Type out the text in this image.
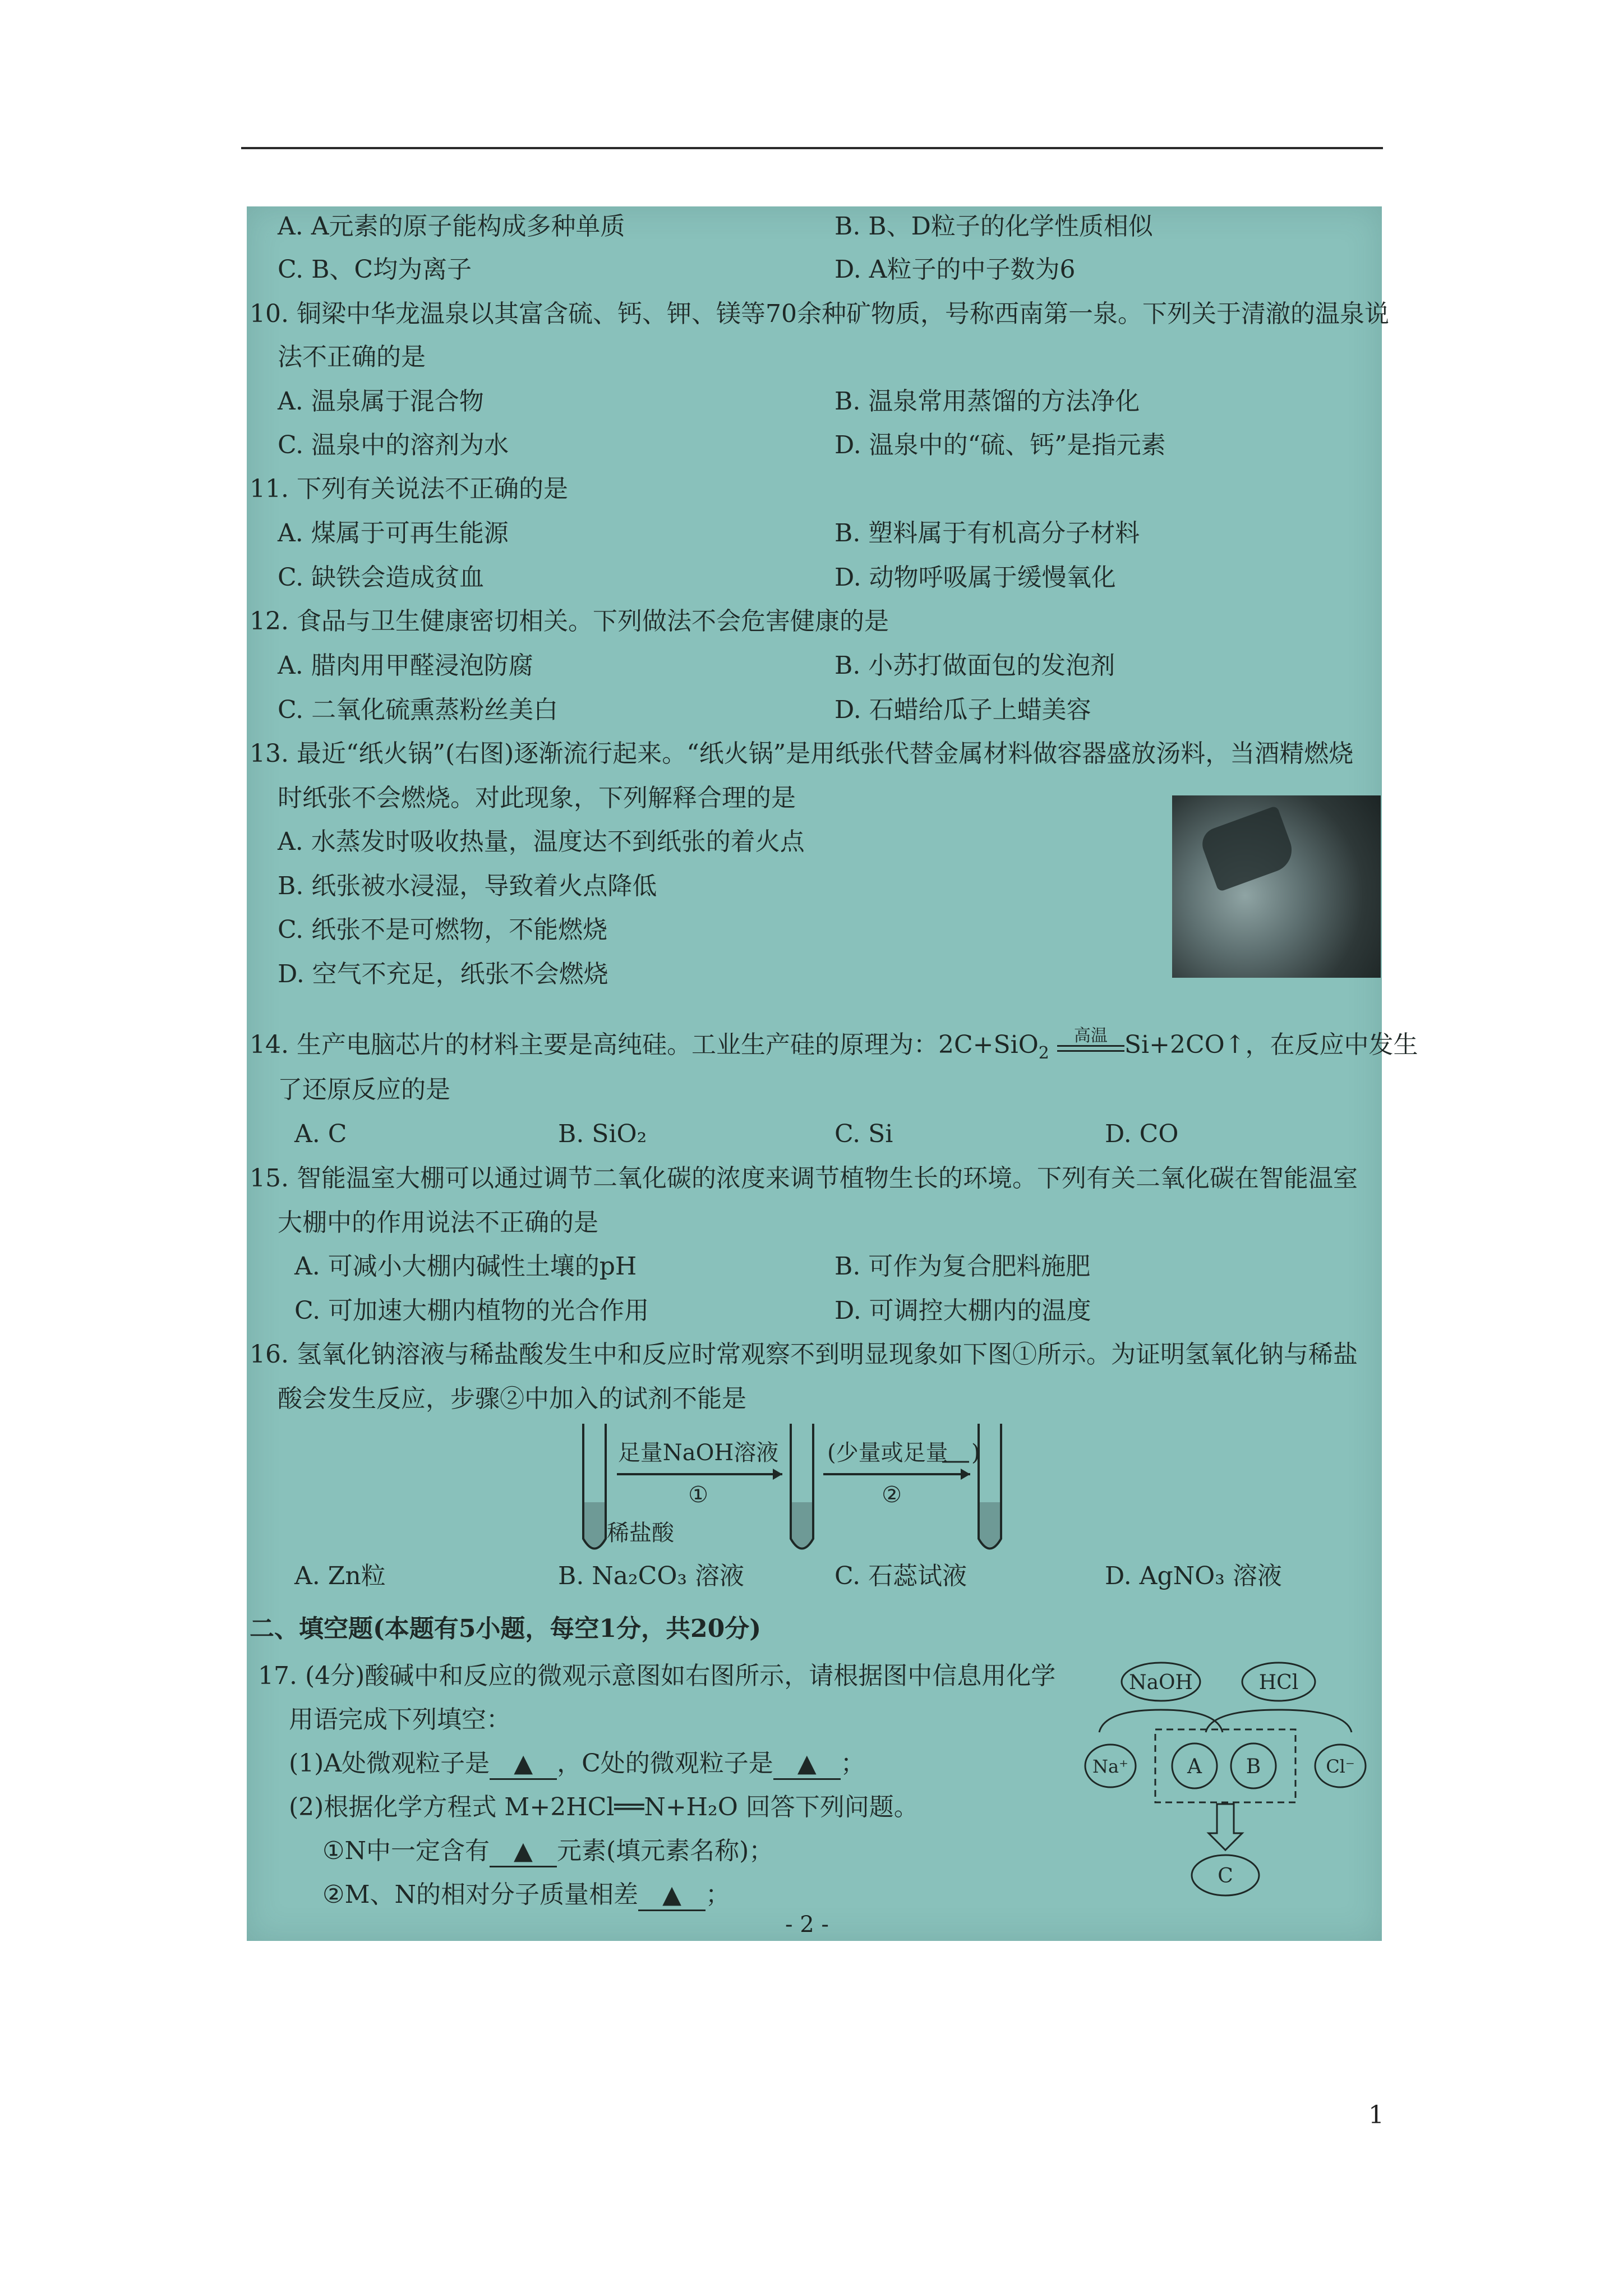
A. A元素的原子能构成多种单质	B. B、D粒子的化学性质相似
C. B、C均为离子	D. A粒子的中子数为6
10. 铜梁中华龙温泉以其富含硫、钙、钾、镁等70余种矿物质，号称西南第一泉。下列关于清澈的温泉说
法不正确的是
A. 温泉属于混合物	B. 温泉常用蒸馏的方法净化
C. 温泉中的溶剂为水	D. 温泉中的“硫、钙”是指元素
11. 下列有关说法不正确的是
A. 煤属于可再生能源	B. 塑料属于有机高分子材料
C. 缺铁会造成贫血	D. 动物呼吸属于缓慢氧化
12. 食品与卫生健康密切相关。下列做法不会危害健康的是
A. 腊肉用甲醛浸泡防腐	B. 小苏打做面包的发泡剂
C. 二氧化硫熏蒸粉丝美白	D. 石蜡给瓜子上蜡美容
13. 最近“纸火锅”(右图)逐渐流行起来。“纸火锅”是用纸张代替金属材料做容器盛放汤料，当酒精燃烧
时纸张不会燃烧。对此现象，下列解释合理的是
A. 水蒸发时吸收热量，温度达不到纸张的着火点
B. 纸张被水浸湿，导致着火点降低
C. 纸张不是可燃物，不能燃烧
D. 空气不充足，纸张不会燃烧
14. 生产电脑芯片的材料主要是高纯硅。工业生产硅的原理为：2C+SiO$_2$
高温 Si+2CO↑，在反应中发生
了还原反应的是
A. C	B. SiO₂	C. Si	D. CO
15. 智能温室大棚可以通过调节二氧化碳的浓度来调节植物生长的环境。下列有关二氧化碳在智能温室
大棚中的作用说法不正确的是
A. 可减小大棚内碱性土壤的pH	B. 可作为复合肥料施肥
C. 可加速大棚内植物的光合作用	D. 可调控大棚内的温度
16. 氢氧化钠溶液与稀盐酸发生中和反应时常观察不到明显现象如下图①所示。为证明氢氧化钠与稀盐
酸会发生反应，步骤②中加入的试剂不能是
足量NaOH溶液
①
(少量或足量 )
②
稀盐酸
A. Zn粒	B. Na₂CO₃ 溶液	C. 石蕊试液	D. AgNO₃ 溶液
二、填空题(本题有5小题，每空1分，共20分)
17. (4分)酸碱中和反应的微观示意图如右图所示，请根据图中信息用化学
用语完成下列填空：
(1)A处微观粒子是 ▲ ，C处的微观粒子是 ▲ ；
(2)根据化学方程式 M+2HCl══N+H₂O 回答下列问题。
①N中一定含有 ▲ 元素(填元素名称)；
②M、N的相对分子质量相差 ▲ ；
NaOH	HCl
Na⁺	A B	Cl⁻
C
- 2 -
1
